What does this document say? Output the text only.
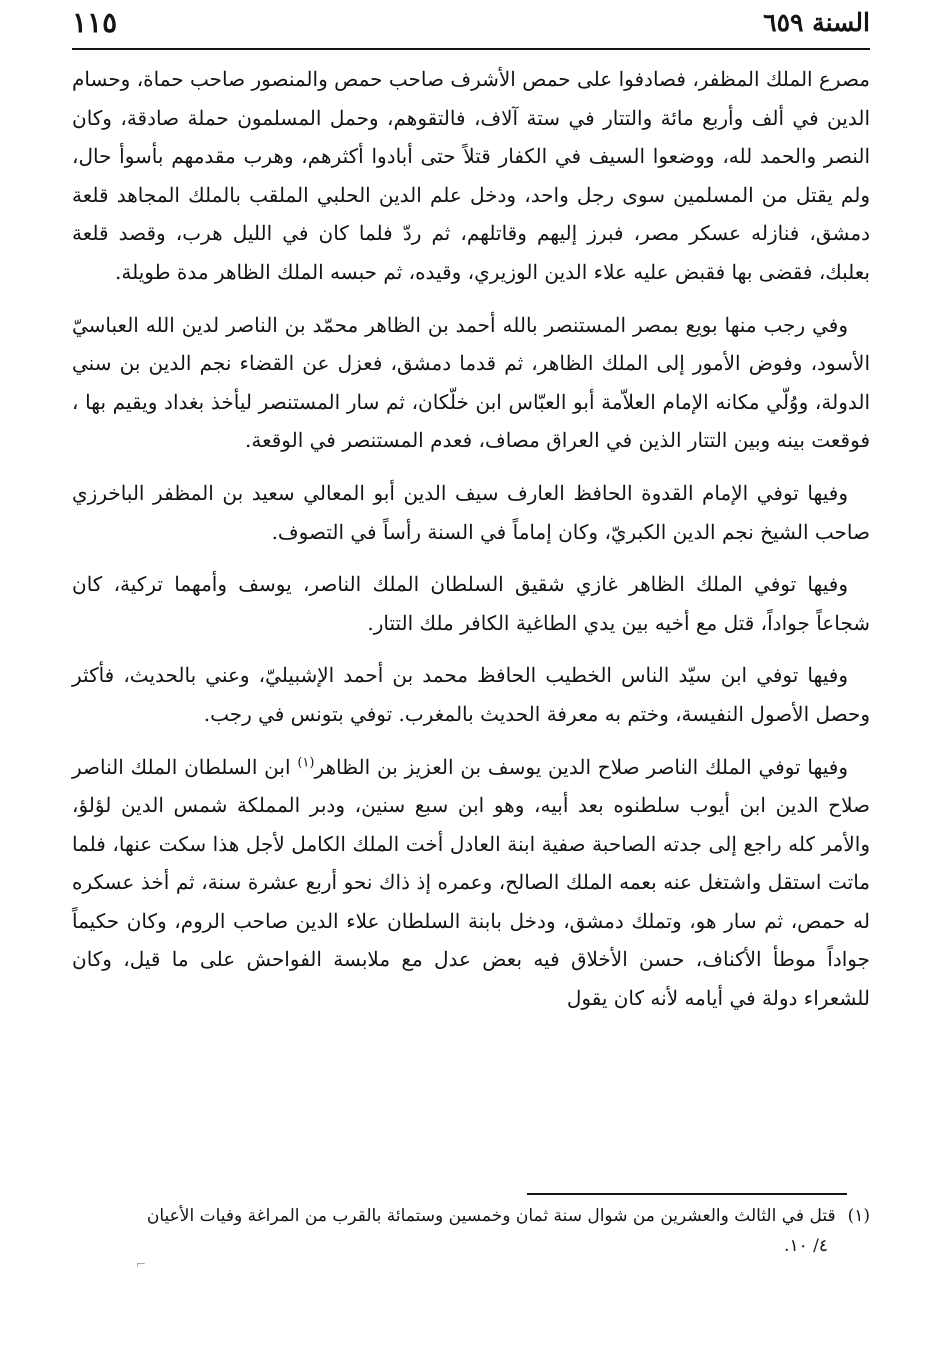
السنة ٦٥٩
١١٥

مصرع الملك المظفر، فصادفوا على حمص الأشرف صاحب حمص والمنصور صاحب حماة، وحسام الدين في ألف وأربع مائة والتتار في ستة آلاف، فالتقوهم، وحمل المسلمون حملة صادقة، وكان النصر والحمد لله، ووضعوا السيف في الكفار قتلاً حتى أبادوا أكثرهم، وهرب مقدمهم بأسوأ حال، ولم يقتل من المسلمين سوى رجل واحد، ودخل علم الدين الحلبي الملقب بالملك المجاهد قلعة دمشق، فنازله عسكر مصر، فبرز إليهم وقاتلهم، ثم ردّ فلما كان في الليل هرب، وقصد قلعة بعلبك، فقضى بها فقبض عليه علاء الدين الوزيري، وقيده، ثم حبسه الملك الظاهر مدة طويلة.

وفي رجب منها بويع بمصر المستنصر بالله أحمد بن الظاهر محمّد بن الناصر لدين الله العباسيّ الأسود، وفوض الأمور إلى الملك الظاهر، ثم قدما دمشق، فعزل عن القضاء نجم الدين بن سني الدولة، ووُلّي مكانه الإمام العلاّمة أبو العبّاس ابن خلّكان، ثم سار المستنصر ليأخذ بغداد ويقيم بها ، فوقعت بينه وبين التتار الذين في العراق مصاف، فعدم المستنصر في الوقعة.

وفيها توفي الإمام القدوة الحافظ العارف سيف الدين أبو المعالي سعيد بن المظفر الباخرزي صاحب الشيخ نجم الدين الكبريّ، وكان إماماً في السنة رأساً في التصوف.

وفيها توفي الملك الظاهر غازي شقيق السلطان الملك الناصر، يوسف وأمهما تركية، كان شجاعاً جواداً، قتل مع أخيه بين يدي الطاغية الكافر ملك التتار.

وفيها توفي ابن سيّد الناس الخطيب الحافظ محمد بن أحمد الإشبيليّ، وعني بالحديث، فأكثر وحصل الأصول النفيسة، وختم به معرفة الحديث بالمغرب. توفي بتونس في رجب.

وفيها توفي الملك الناصر صلاح الدين يوسف بن العزيز بن الظاهر$^{(١)}$ ابن السلطان الملك الناصر صلاح الدين ابن أيوب سلطنوه بعد أبيه، وهو ابن سبع سنين، ودبر المملكة شمس الدين لؤلؤ، والأمر كله راجع إلى جدته الصاحبة صفية ابنة العادل أخت الملك الكامل لأجل هذا سكت عنها، فلما ماتت استقل واشتغل عنه بعمه الملك الصالح، وعمره إذ ذاك نحو أربع عشرة سنة، ثم أخذ عسكره له حمص، ثم سار هو، وتملك دمشق، ودخل بابنة السلطان علاء الدين صاحب الروم، وكان حكيماً جواداً موطأ الأكناف، حسن الأخلاق فيه بعض عدل مع ملابسة الفواحش على ما قيل، وكان للشعراء دولة في أيامه لأنه كان يقول

(١)قتل في الثالث والعشرين من شوال سنة ثمان وخمسين وستمائة بالقرب من المراغة وفيات الأعيان
٤/ ١٠.
⌐
